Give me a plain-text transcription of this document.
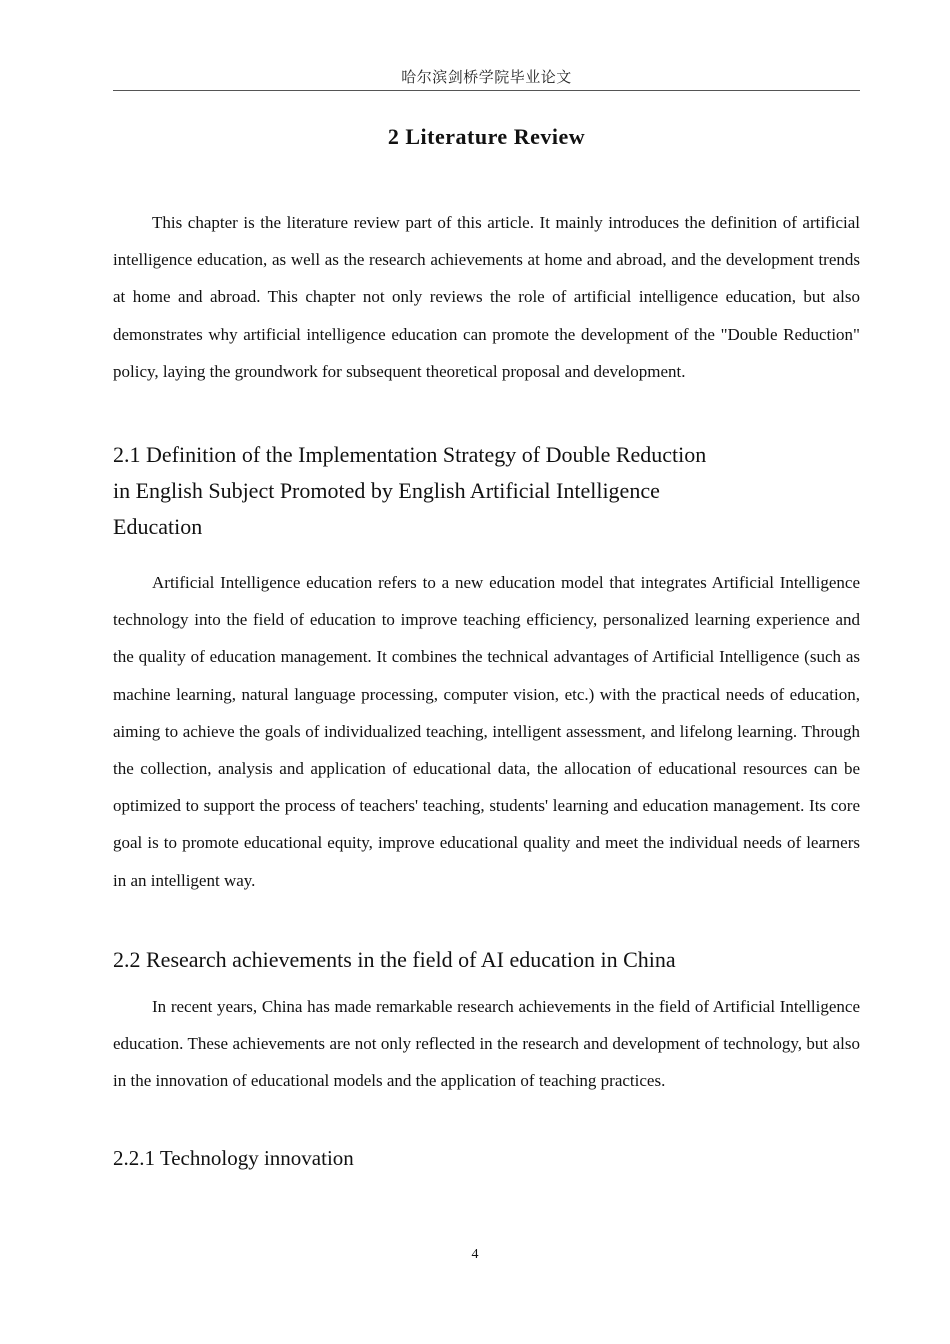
哈尔滨剑桥学院毕业论文
2 Literature Review

This chapter is the literature review part of this article. It mainly introduces the definition of artificial intelligence education, as well as the research achievements at home and abroad, and the development trends at home and abroad. This chapter not only reviews the role of artificial intelligence education, but also demonstrates why artificial intelligence education can promote the development of the "Double Reduction" policy, laying the groundwork for subsequent theoretical proposal and development.

2.1 Definition of the Implementation Strategy of Double Reduction
in English Subject Promoted by English Artificial Intelligence
Education

Artificial Intelligence education refers to a new education model that integrates Artificial Intelligence technology into the field of education to improve teaching efficiency, personalized learning experience and the quality of education management. It combines the technical advantages of Artificial Intelligence (such as machine learning, natural language processing, computer vision, etc.) with the practical needs of education, aiming to achieve the goals of individualized teaching, intelligent assessment, and lifelong learning. Through the collection, analysis and application of educational data, the allocation of educational resources can be optimized to support the process of teachers' teaching, students' learning and education management. Its core goal is to promote educational equity, improve educational quality and meet the individual needs of learners in an intelligent way.

2.2 Research achievements in the field of AI education in China

In recent years, China has made remarkable research achievements in the field of Artificial Intelligence education. These achievements are not only reflected in the research and development of technology, but also in the innovation of educational models and the application of teaching practices.

2.2.1 Technology innovation
4
